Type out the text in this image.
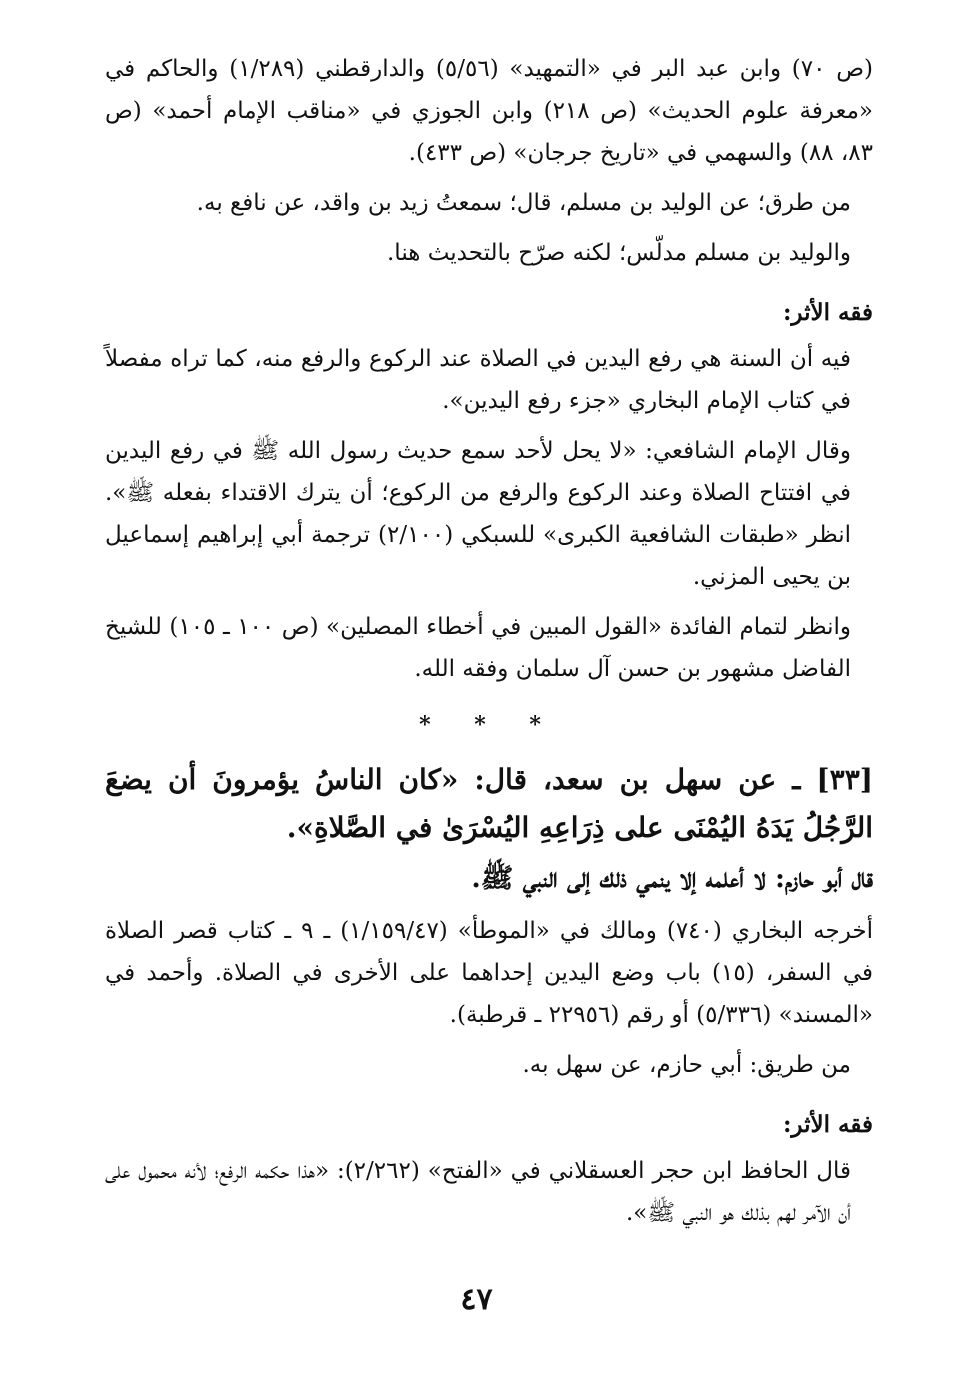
(ص ٧٠) وابن عبد البر في «التمهيد» (٥/٥٦) والدارقطني (١/٢٨٩) والحاكم في «معرفة علوم الحديث» (ص ٢١٨) وابن الجوزي في «مناقب الإمام أحمد» (ص ٨٣، ٨٨) والسهمي في «تاريخ جرجان» (ص ٤٣٣).

من طرق؛ عن الوليد بن مسلم، قال؛ سمعتُ زيد بن واقد، عن نافع به.

والوليد بن مسلم مدلّس؛ لكنه صرّح بالتحديث هنا.

فقه الأثر:

فيه أن السنة هي رفع اليدين في الصلاة عند الركوع والرفع منه، كما تراه مفصلاً في كتاب الإمام البخاري «جزء رفع اليدين».

وقال الإمام الشافعي: «لا يحل لأحد سمع حديث رسول الله ﷺ في رفع اليدين في افتتاح الصلاة وعند الركوع والرفع من الركوع؛ أن يترك الاقتداء بفعله ﷺ». انظر «طبقات الشافعية الكبرى» للسبكي (٢/١٠٠) ترجمة أبي إبراهيم إسماعيل بن يحيى المزني.

وانظر لتمام الفائدة «القول المبين في أخطاء المصلين» (ص ١٠٠ ـ ١٠٥) للشيخ الفاضل مشهور بن حسن آل سلمان وفقه الله.

* * *

[٣٣] ـ عن سهل بن سعد، قال: «كان الناسُ يؤمرونَ أن يضعَ الرَّجُلُ يَدَهُ اليُمْنَى على ذِرَاعِهِ اليُسْرَىٰ في الصَّلاةِ».

قال أبو حازم: لا أعلمه إلا ينمي ذلك إلى النبي ﷺ.

أخرجه البخاري (٧٤٠) ومالك في «الموطأ» (١/١٥٩/٤٧) ـ ٩ ـ كتاب قصر الصلاة في السفر، (١٥) باب وضع اليدين إحداهما على الأخرى في الصلاة. وأحمد في «المسند» (٥/٣٣٦) أو رقم (٢٢٩٥٦ ـ قرطبة).

من طريق: أبي حازم، عن سهل به.

فقه الأثر:

قال الحافظ ابن حجر العسقلاني في «الفتح» (٢/٢٦٢): «هذا حكمه الرفع؛ لأنه محمول على أن الآمر لهم بذلك هو النبي ﷺ».

٤٧
